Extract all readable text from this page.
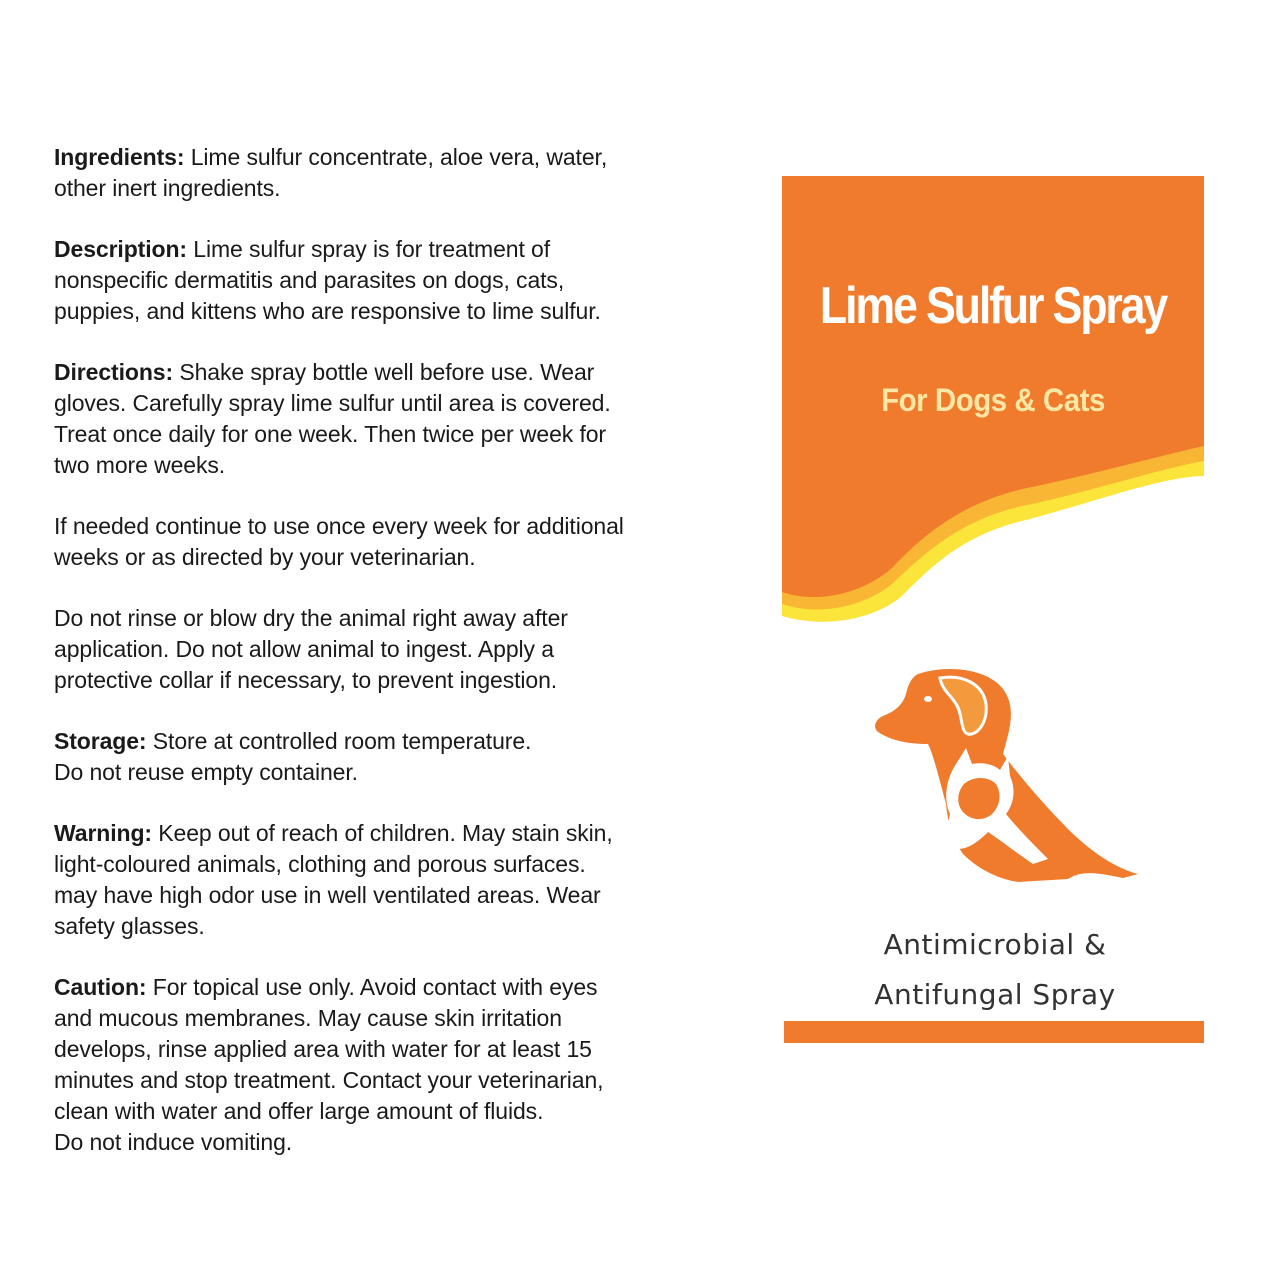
Ingredients: Lime sulfur concentrate, aloe vera, water,
other inert ingredients.

Description: Lime sulfur spray is for treatment of
nonspecific dermatitis and parasites on dogs, cats,
puppies, and kittens who are responsive to lime sulfur.

Directions: Shake spray bottle well before use. Wear
gloves. Carefully spray lime sulfur until area is covered.
Treat once daily for one week. Then twice per week for
two more weeks.

If needed continue to use once every week for additional
weeks or as directed by your veterinarian.

Do not rinse or blow dry the animal right away after
application. Do not allow animal to ingest. Apply a
protective collar if necessary, to prevent ingestion.

Storage: Store at controlled room temperature.
Do not reuse empty container.

Warning: Keep out of reach of children. May stain skin,
light-coloured animals, clothing and porous surfaces.
may have high odor use in well ventilated areas. Wear
safety glasses.

Caution: For topical use only. Avoid contact with eyes
and mucous membranes. May cause skin irritation
develops, rinse applied area with water for at least 15
minutes and stop treatment. Contact your veterinarian,
clean with water and offer large amount of fluids.
Do not induce vomiting.

Lime Sulfur Spray
For Dogs & Cats
Antimicrobial &
Antifungal Spray
